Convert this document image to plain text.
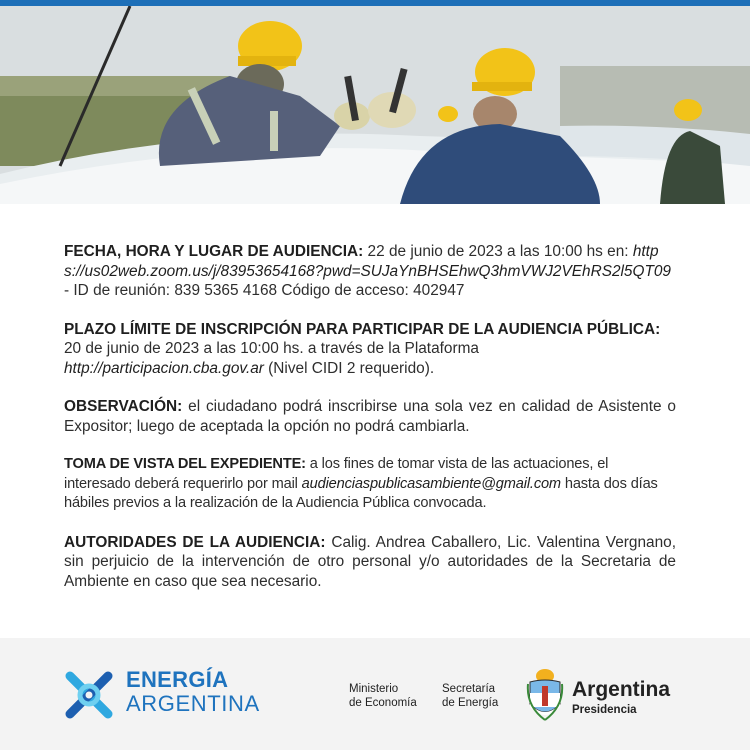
FECHA, HORA Y LUGAR DE AUDIENCIA: 22 de junio de 2023 a las 10:00 hs en: https://us02web.zoom.us/j/83953654168?pwd=SUJaYnBHSEhwQ3hmVWJ2VEhRS2l5QT09 - ID de reunión: 839 5365 4168 Código de acceso: 402947

PLAZO LÍMITE DE INSCRIPCIÓN PARA PARTICIPAR DE LA AUDIENCIA PÚBLICA: 20 de junio de 2023 a las 10:00 hs. a través de la Plataforma http://participacion.cba.gov.ar (Nivel CIDI 2 requerido).

OBSERVACIÓN: el ciudadano podrá inscribirse una sola vez en calidad de Asistente o Expositor; luego de aceptada la opción no podrá cambiarla.

TOMA DE VISTA DEL EXPEDIENTE: a los fines de tomar vista de las actuaciones, el interesado deberá requerirlo por mail audienciaspublicasambiente@gmail.com hasta dos días hábiles previos a la realización de la Audiencia Pública convocada.

AUTORIDADES DE LA AUDIENCIA: Calig. Andrea Caballero, Lic. Valentina Vergnano, sin perjuicio de la intervención de otro personal y/o autoridades de la Secretaria de Ambiente en caso que sea necesario.

ENERGÍA
ARGENTINA
Ministerio
de Economía
Secretaría
de Energía
Argentina
Presidencia
